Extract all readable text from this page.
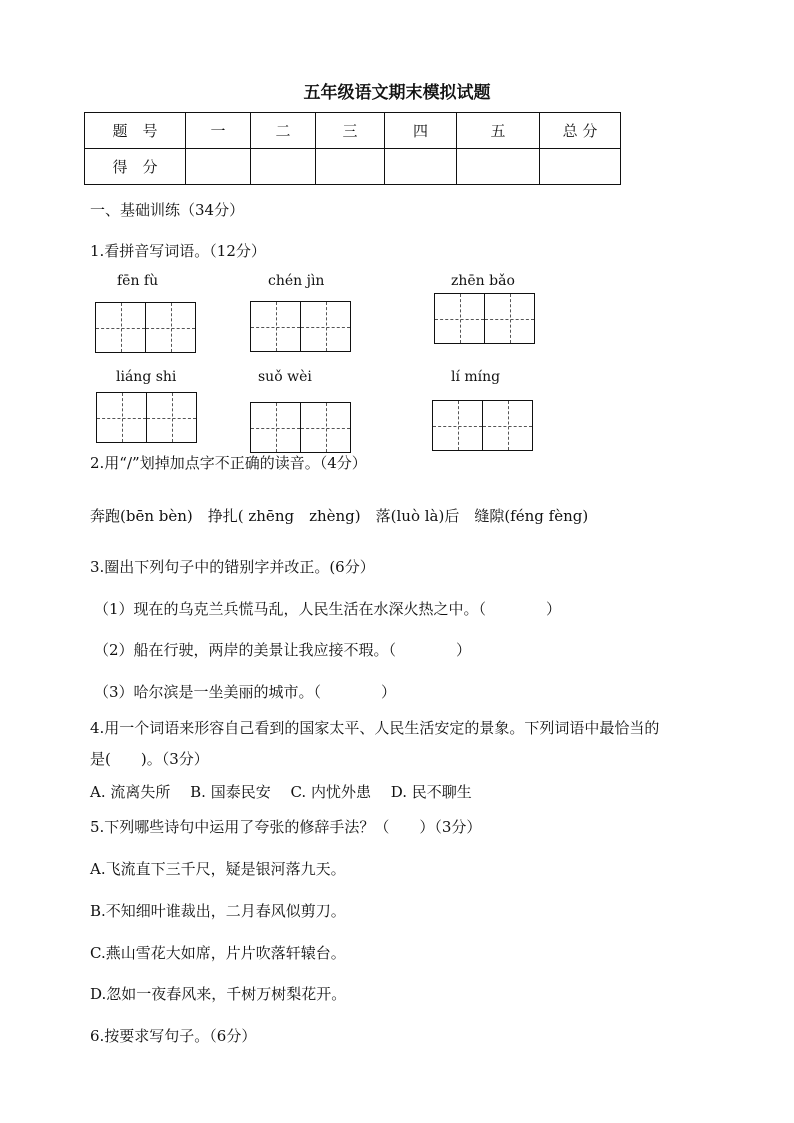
五年级语文期末模拟试题
题　号	一	二	三	四	五	总 分
得　分						
一、基础训练（34分）
1.看拼音写词语。（12分）
fēn fù	chén jìn	zhēn bǎo
liáng shi	suǒ wèi	lí míng
2.用“/”划掉加点字不正确的读音。（4分）
奔跑(bēn bèn)　挣扎( zhēng　zhèng)　落(luò là)后　缝隙(féng fèng)
3.圈出下列句子中的错别字并改正。(6分）
（1）现在的乌克兰兵慌马乱，人民生活在水深火热之中。（　　　　）
（2）船在行驶，两岸的美景让我应接不瑕。（　　　　）
（3）哈尔滨是一坐美丽的城市。（　　　　）
4.用一个词语来形容自己看到的国家太平、人民生活安定的景象。下列词语中最恰当的
是(　　)。（3分）
A. 流离失所　 B. 国泰民安　 C. 内忧外患　 D. 民不聊生
5.下列哪些诗句中运用了夸张的修辞手法？（　　）（3分）
A.飞流直下三千尺，疑是银河落九天。
B.不知细叶谁裁出，二月春风似剪刀。
C.燕山雪花大如席，片片吹落轩辕台。
D.忽如一夜春风来，千树万树梨花开。
6.按要求写句子。（6分）
